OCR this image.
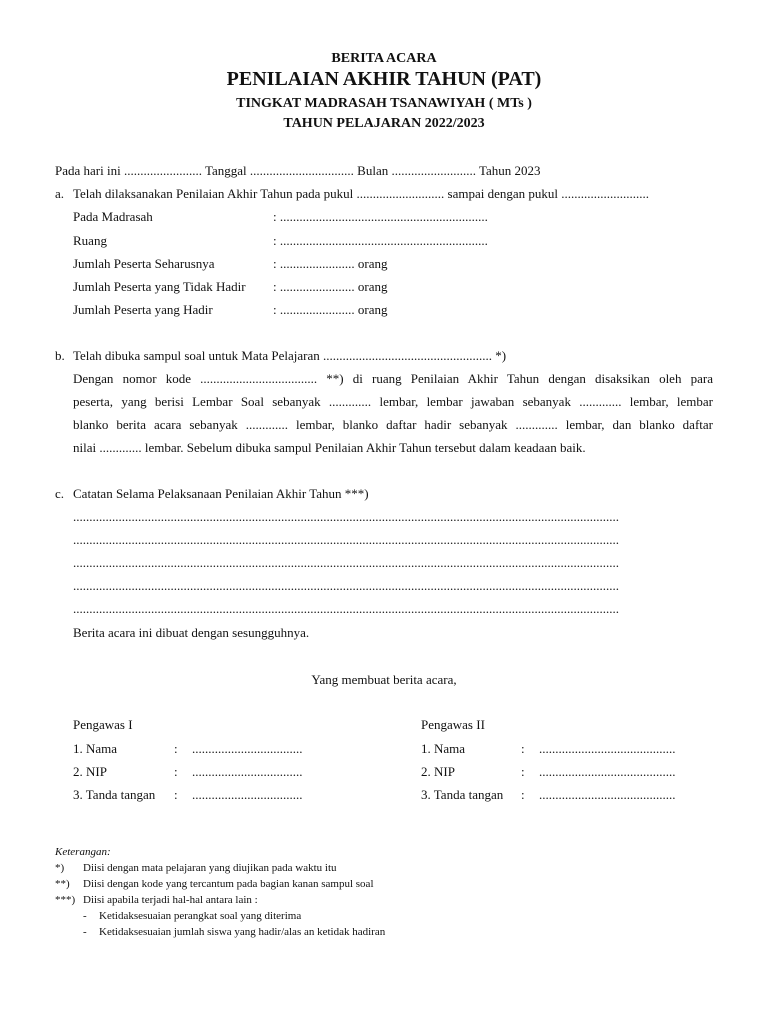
BERITA ACARA

PENILAIAN AKHIR TAHUN (PAT)

TINGKAT MADRASAH TSANAWIYAH ( MTs )

TAHUN PELAJARAN 2022/2023

Pada hari ini ........................ Tanggal ................................ Bulan .......................... Tahun 2023

a. Telah dilaksanakan Penilaian Akhir Tahun pada pukul ........................... sampai dengan pukul ...........................
Pada Madrasah	: ................................................................
Ruang	: ................................................................
Jumlah Peserta Seharusnya	: ....................... orang
Jumlah Peserta yang Tidak Hadir : ....................... orang
Jumlah Peserta yang Hadir	: ....................... orang
b. Telah dibuka sampul soal untuk Mata Pelajaran .................................................... *)
Dengan nomor kode .................................... **) di ruang Penilaian Akhir Tahun dengan disaksikan oleh para
peserta, yang berisi Lembar Soal sebanyak ............. lembar, lembar jawaban sebanyak ............. lembar, lembar
blanko berita acara sebanyak ............. lembar, blanko daftar hadir sebanyak ............. lembar, dan blanko daftar
nilai ............. lembar. Sebelum dibuka sampul Penilaian Akhir Tahun tersebut dalam keadaan baik.
c. Catatan Selama Pelaksanaan Penilaian Akhir Tahun ***)
........................................................................................................................................................................
........................................................................................................................................................................
........................................................................................................................................................................
........................................................................................................................................................................
........................................................................................................................................................................
Berita acara ini dibuat dengan sesungguhnya.

Yang membuat berita acara,

Pengawas I
1. Nama	: ..................................
2. NIP	: ..................................
3. Tanda tangan : ..................................
Pengawas II
1. Nama	: ..........................................
2. NIP	: ..........................................
3. Tanda tangan : ..........................................
Keterangan:
*) Diisi dengan mata pelajaran yang diujikan pada waktu itu
**) Diisi dengan kode yang tercantum pada bagian kanan sampul soal
***) Diisi apabila terjadi hal-hal antara lain :
- Ketidaksesuaian perangkat soal yang diterima
- Ketidaksesuaian jumlah siswa yang hadir/alas an ketidak hadiran
